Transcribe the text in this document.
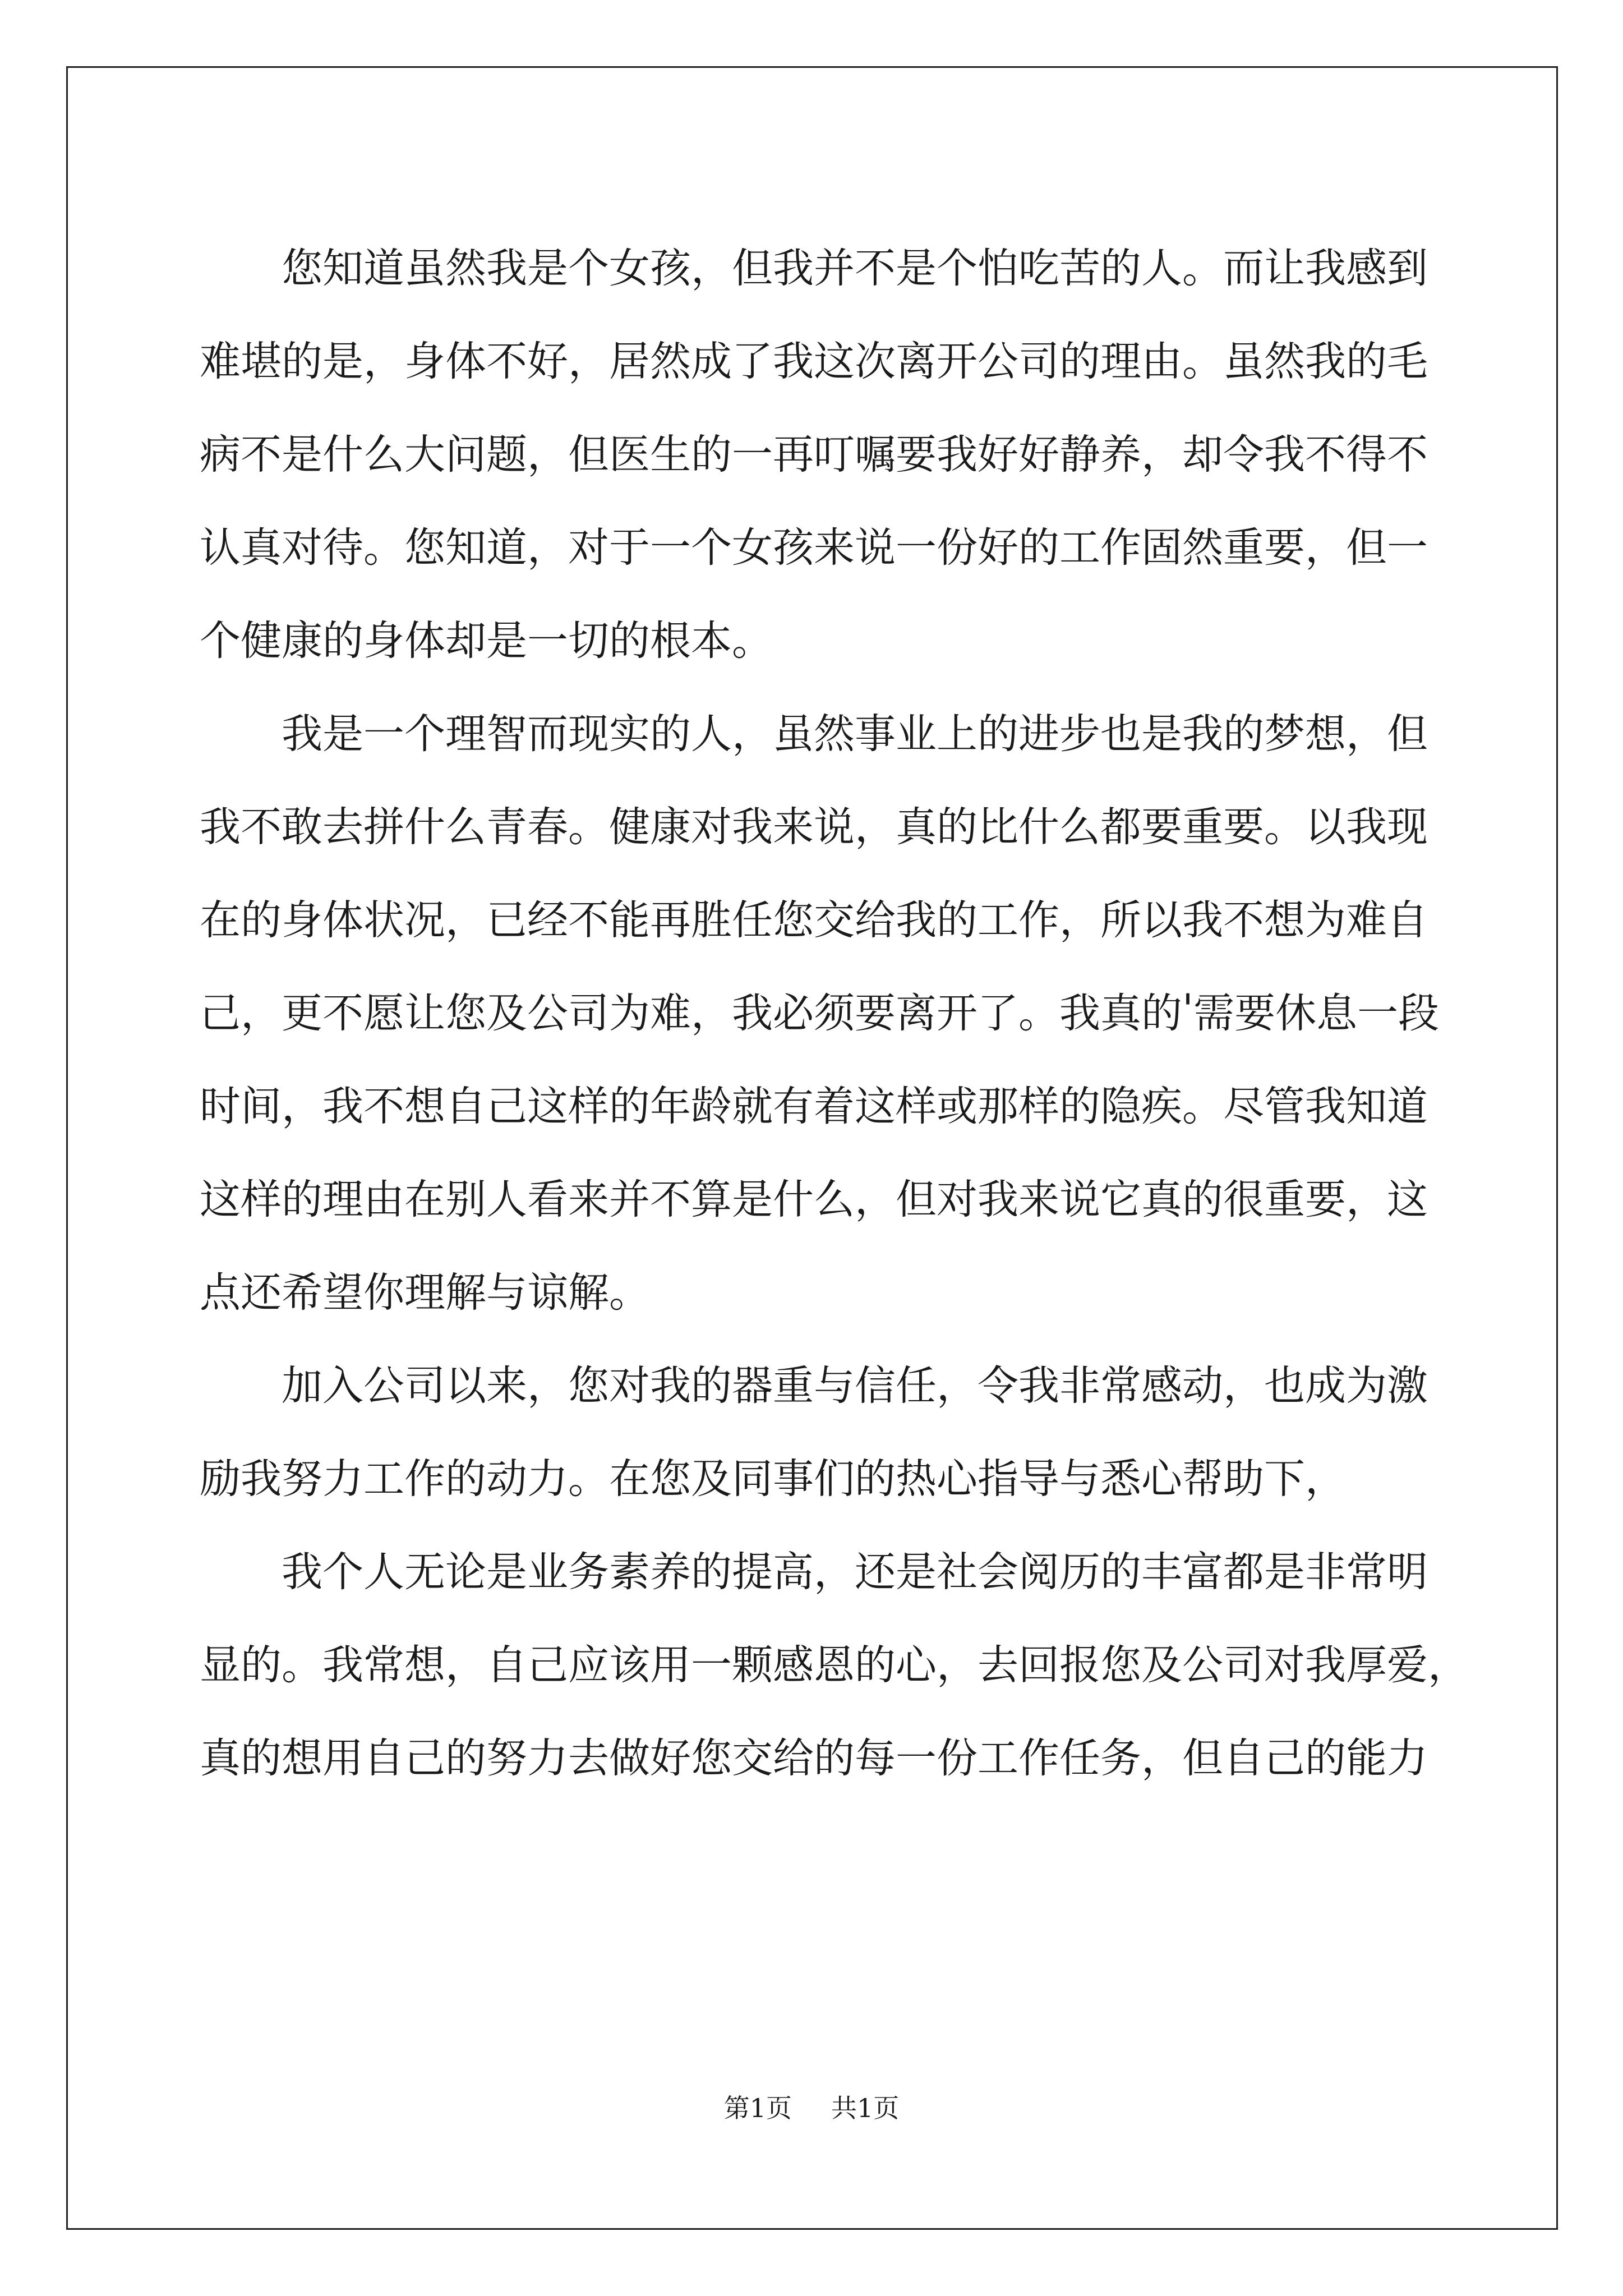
您 知 道 虽 然 我 是 个 女 孩 ， 但 我 并 不 是 个 怕 吃 苦 的 人 。 而 让 我 感 到
难 堪 的 是 ， 身 体 不 好 ， 居 然 成 了 我 这 次 离 开 公 司 的 理 由 。 虽 然 我 的 毛
病 不 是 什 么 大 问 题 ， 但 医 生 的 一 再 叮 嘱 要 我 好 好 静 养 ， 却 令 我 不 得 不
认 真 对 待 。 您 知 道 ， 对 于 一 个 女 孩 来 说 一 份 好 的 工 作 固 然 重 要 ， 但 一
个健康的身体却是一切的根本。
我 是 一 个 理 智 而 现 实 的 人 ， 虽 然 事 业 上 的 进 步 也 是 我 的 梦 想 ， 但
我 不 敢 去 拼 什 么 青 春 。 健 康 对 我 来 说 ， 真 的 比 什 么 都 要 重 要 。 以 我 现
在 的 身 体 状 况 ， 已 经 不 能 再 胜 任 您 交 给 我 的 工 作 ， 所 以 我 不 想 为 难 自
己 ， 更 不 愿 让 您 及 公 司 为 难 ， 我 必 须 要 离 开 了 。 我 真 的 ' 需 要 休 息 一 段
时 间 ， 我 不 想 自 己 这 样 的 年 龄 就 有 着 这 样 或 那 样 的 隐 疾 。 尽 管 我 知 道
这 样 的 理 由 在 别 人 看 来 并 不 算 是 什 么 ， 但 对 我 来 说 它 真 的 很 重 要 ， 这
点还希望你理解与谅解。
加 入 公 司 以 来 ， 您 对 我 的 器 重 与 信 任 ， 令 我 非 常 感 动 ， 也 成 为 激
励我努力工作的动力。在您及同事们的热心指导与悉心帮助下，
我 个 人 无 论 是 业 务 素 养 的 提 高 ， 还 是 社 会 阅 历 的 丰 富 都 是 非 常 明
显 的 。 我 常 想 ， 自 己 应 该 用 一 颗 感 恩 的 心 ， 去 回 报 您 及 公 司 对 我 厚 爱 ，
真 的 想 用 自 己 的 努 力 去 做 好 您 交 给 的 每 一 份 工 作 任 务 ， 但 自 己 的 能 力
第1页 共1页
